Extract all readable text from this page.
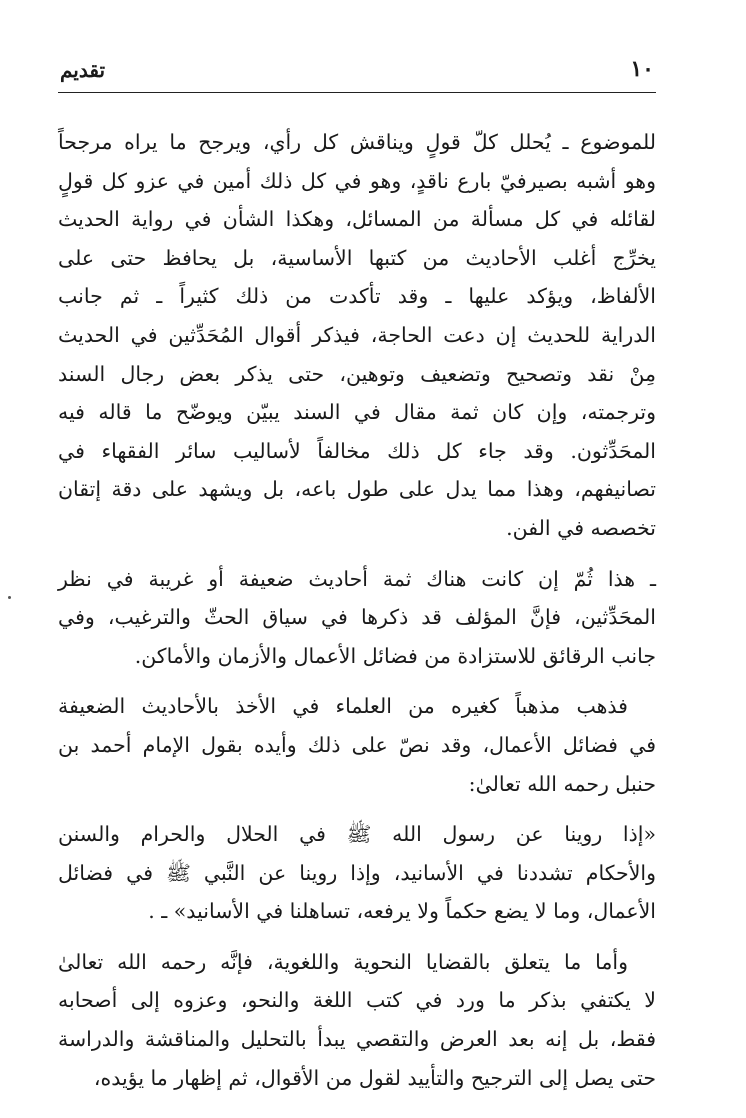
١٠
تقديم
للموضوع ـ يُحلل كلّ قولٍ ويناقش كل رأي، ويرجح ما يراه مرجحاً
وهو أشبه بصيرفيّ بارع ناقدٍ، وهو في كل ذلك أمين في عزو كل قولٍ
لقائله في كل مسألة من المسائل، وهكذا الشأن في رواية الحديث
يخرِّج أغلب الأحاديث من كتبها الأساسية، بل يحافظ حتى على
الألفاظ، ويؤكد عليها ـ وقد تأكدت من ذلك كثيراً ـ ثم جانب
الدراية للحديث إن دعت الحاجة، فيذكر أقوال المُحَدِّثين في الحديث
مِنْ نقد وتصحيح وتضعيف وتوهين، حتى يذكر بعض رجال السند
وترجمته، وإن كان ثمة مقال في السند يبيّن ويوضّح ما قاله فيه
المحَدِّثون. وقد جاء كل ذلك مخالفاً لأساليب سائر الفقهاء في
تصانيفهم، وهذا مما يدل على طول باعه، بل ويشهد على دقة إتقان
تخصصه في الفن.
ـ هذا ثُمّ إن كانت هناك ثمة أحاديث ضعيفة أو غريبة في نظر
المحَدِّثين، فإنَّ المؤلف قد ذكرها في سياق الحثّ والترغيب، وفي
جانب الرقائق للاستزادة من فضائل الأعمال والأزمان والأماكن.
فذهب مذهباً كغيره من العلماء في الأخذ بالأحاديث الضعيفة
في فضائل الأعمال، وقد نصّ على ذلك وأيده بقول الإمام أحمد بن
حنبل رحمه الله تعالىٰ:
«إذا روينا عن رسول الله ﷺ في الحلال والحرام والسنن
والأحكام تشددنا في الأسانيد، وإذا روينا عن النَّبي ﷺ في فضائل
الأعمال، وما لا يضع حكماً ولا يرفعه، تساهلنا في الأسانيد» ـ .
وأما ما يتعلق بالقضايا النحوية واللغوية، فإنَّه رحمه الله تعالىٰ
لا يكتفي بذكر ما ورد في كتب اللغة والنحو، وعزوه إلى أصحابه
فقط، بل إنه بعد العرض والتقصي يبدأ بالتحليل والمناقشة والدراسة
حتى يصل إلى الترجيح والتأييد لقول من الأقوال، ثم إظهار ما يؤيده،
